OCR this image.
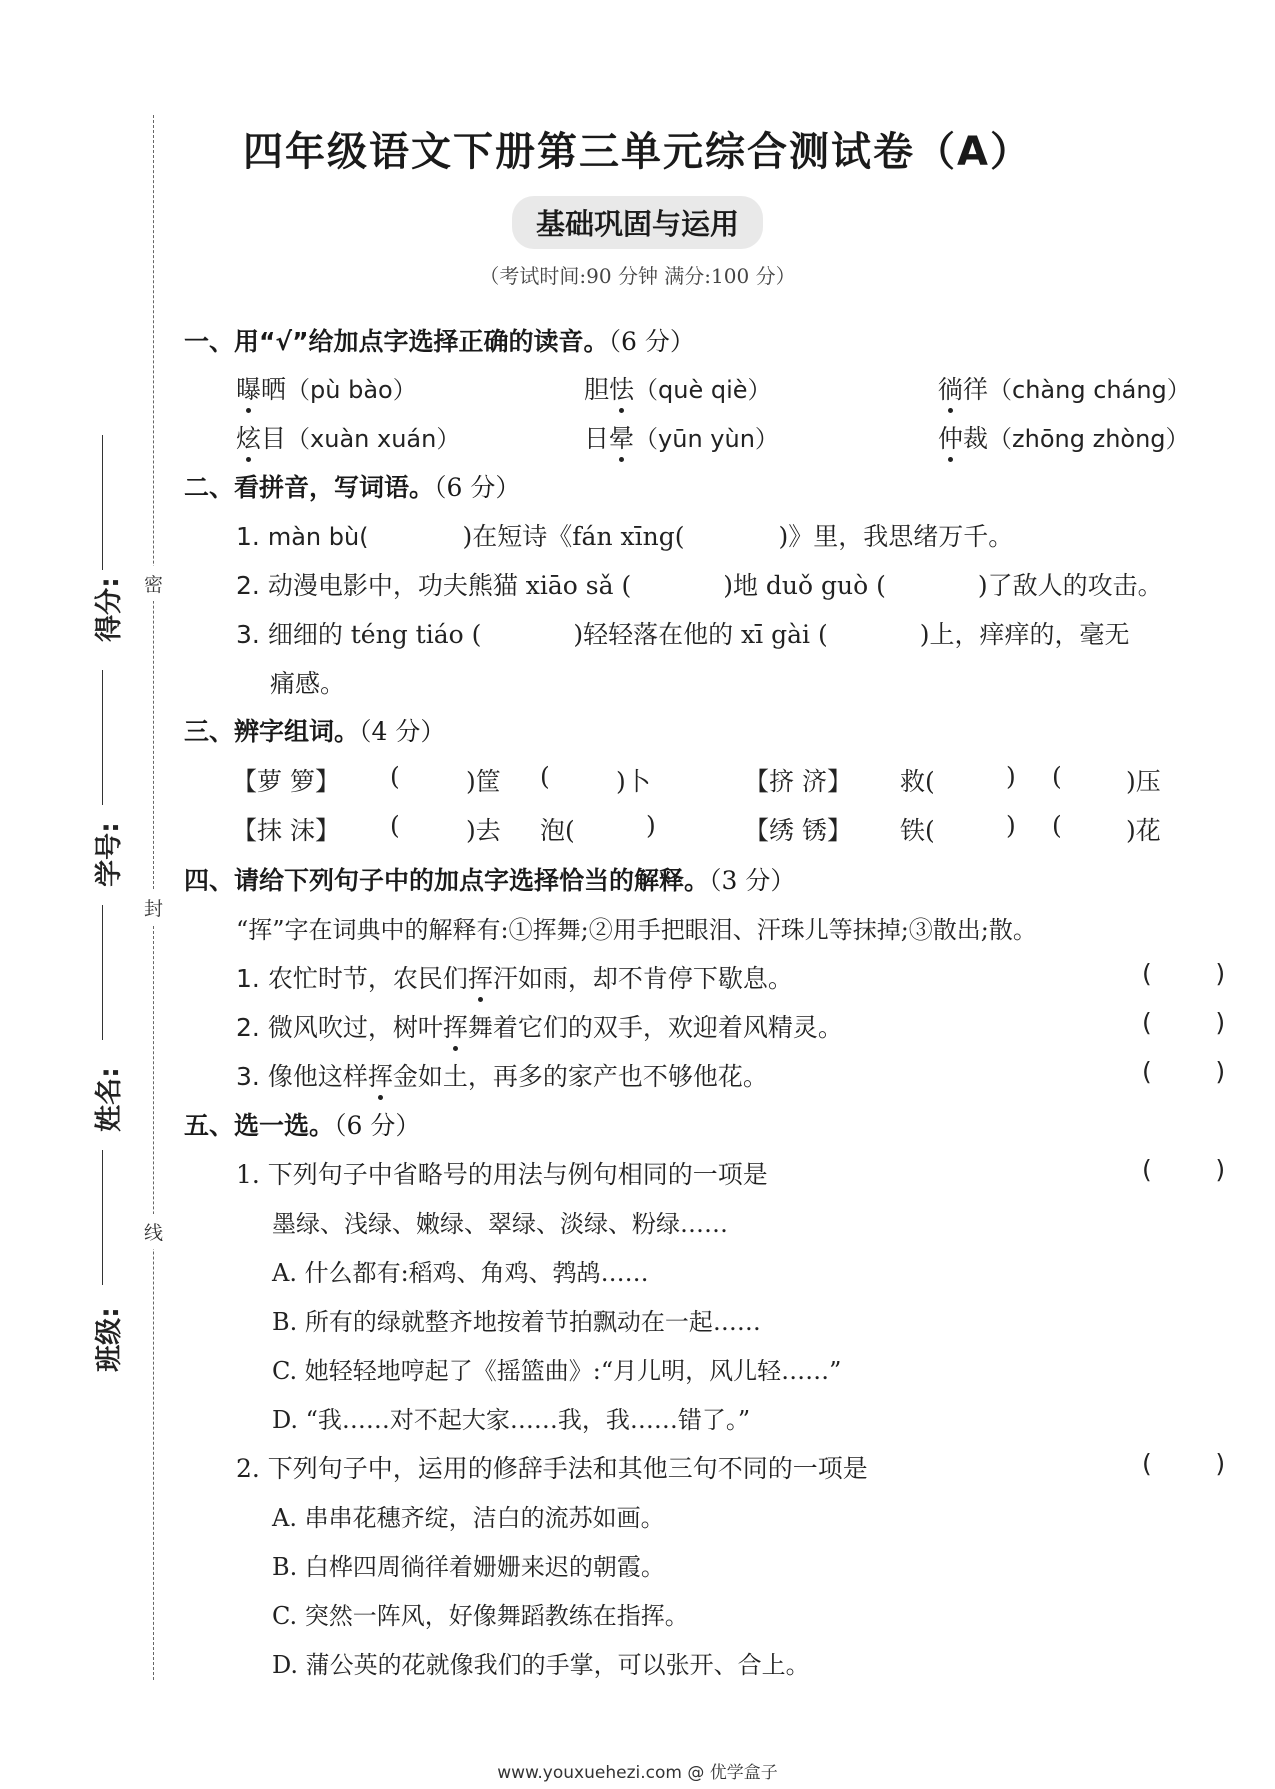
密
封
线
得分:
学号:
姓名:
班级:
四年级语文下册第三单元综合测试卷（A）
基础巩固与运用
（考试时间:90 分钟 满分:100 分）
一、用“√”给加点字选择正确的读音。（6 分）
曝晒（pù bào）	胆怯（què qiè）	徜徉（chàng cháng）
炫目（xuàn xuán）	日晕（yūn yùn）	仲裁（zhōng zhòng）
二、看拼音，写词语。（6 分）
1. màn bù(	)在短诗《fán xīng(	)》里，我思绪万千。
2. 动漫电影中，功夫熊猫 xiāo sǎ (	)地 duǒ guò (	)了敌人的攻击。
3. 细细的 téng tiáo (	)轻轻落在他的 xī gài (	)上，痒痒的，毫无
痛感。
三、辨字组词。（4 分）
【萝 箩】 (	)筐 (	)卜	【挤 济】 救(	) (	)压
【抹 沫】 (	)去 泡(	)	【绣 锈】 铁(	) (	)花
四、请给下列句子中的加点字选择恰当的解释。（3 分）
“挥”字在词典中的解释有:①挥舞;②用手把眼泪、汗珠儿等抹掉;③散出;散。
1. 农忙时节，农民们挥汗如雨，却不肯停下歇息。	(        )
2. 微风吹过，树叶挥舞着它们的双手，欢迎着风精灵。	(        )
3. 像他这样挥金如土，再多的家产也不够他花。	(        )
五、选一选。（6 分）
1. 下列句子中省略号的用法与例句相同的一项是	(        )
墨绿、浅绿、嫩绿、翠绿、淡绿、粉绿……
A. 什么都有:稻鸡、角鸡、鹁鸪……
B. 所有的绿就整齐地按着节拍飘动在一起……
C. 她轻轻地哼起了《摇篮曲》:“月儿明，风儿轻……”
D. “我……对不起大家……我，我……错了。”
2. 下列句子中，运用的修辞手法和其他三句不同的一项是	(        )
A. 串串花穗齐绽，洁白的流苏如画。
B. 白桦四周徜徉着姗姗来迟的朝霞。
C. 突然一阵风，好像舞蹈教练在指挥。
D. 蒲公英的花就像我们的手掌，可以张开、合上。
www.youxuehezi.com @ 优学盒子
